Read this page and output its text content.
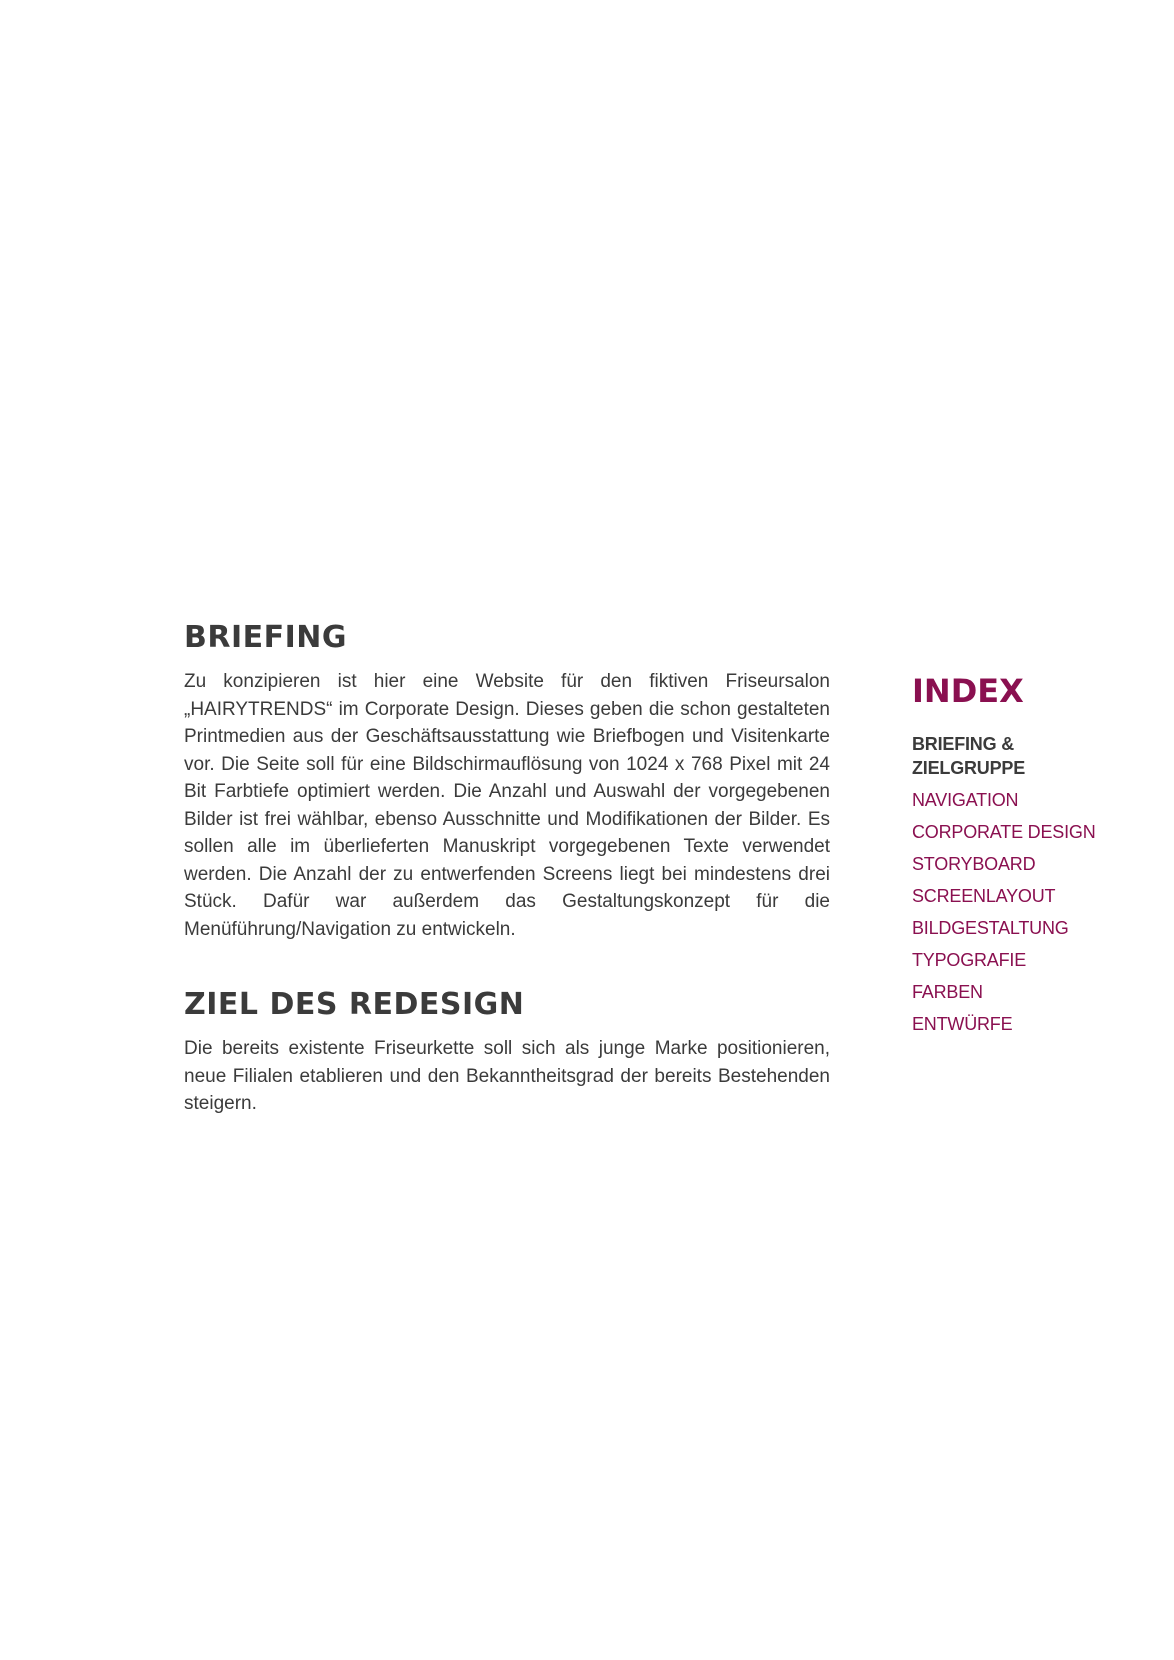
BRIEFING

Zu konzipieren ist hier eine Website für den fiktiven Friseursalon „HAIRYTRENDS“ im Corporate Design. Dieses geben die schon gestalteten Printmedien aus der Geschäftsausstattung wie Briefbogen und Visitenkarte vor. Die Seite soll für eine Bildschirmauflösung von 1024 x 768 Pixel mit 24 Bit Farbtiefe optimiert werden. Die Anzahl und Auswahl der vorgegebenen Bilder ist frei wählbar, ebenso Ausschnitte und Modifikationen der Bilder. Es sollen alle im überlieferten Manuskript vorgegebenen Texte verwendet werden. Die Anzahl der zu entwerfenden Screens liegt bei mindestens drei Stück. Dafür war außerdem das Gestaltungskonzept für die Menüführung/Navigation zu entwickeln.

ZIEL DES REDESIGN

Die bereits existente Friseurkette soll sich als junge Marke positionieren, neue Filialen etablieren und den Bekanntheitsgrad der bereits Bestehenden steigern.

INDEX
BRIEFING & ZIELGRUPPE
NAVIGATION
CORPORATE DESIGN
STORYBOARD
SCREENLAYOUT
BILDGESTALTUNG
TYPOGRAFIE
FARBEN
ENTWÜRFE
